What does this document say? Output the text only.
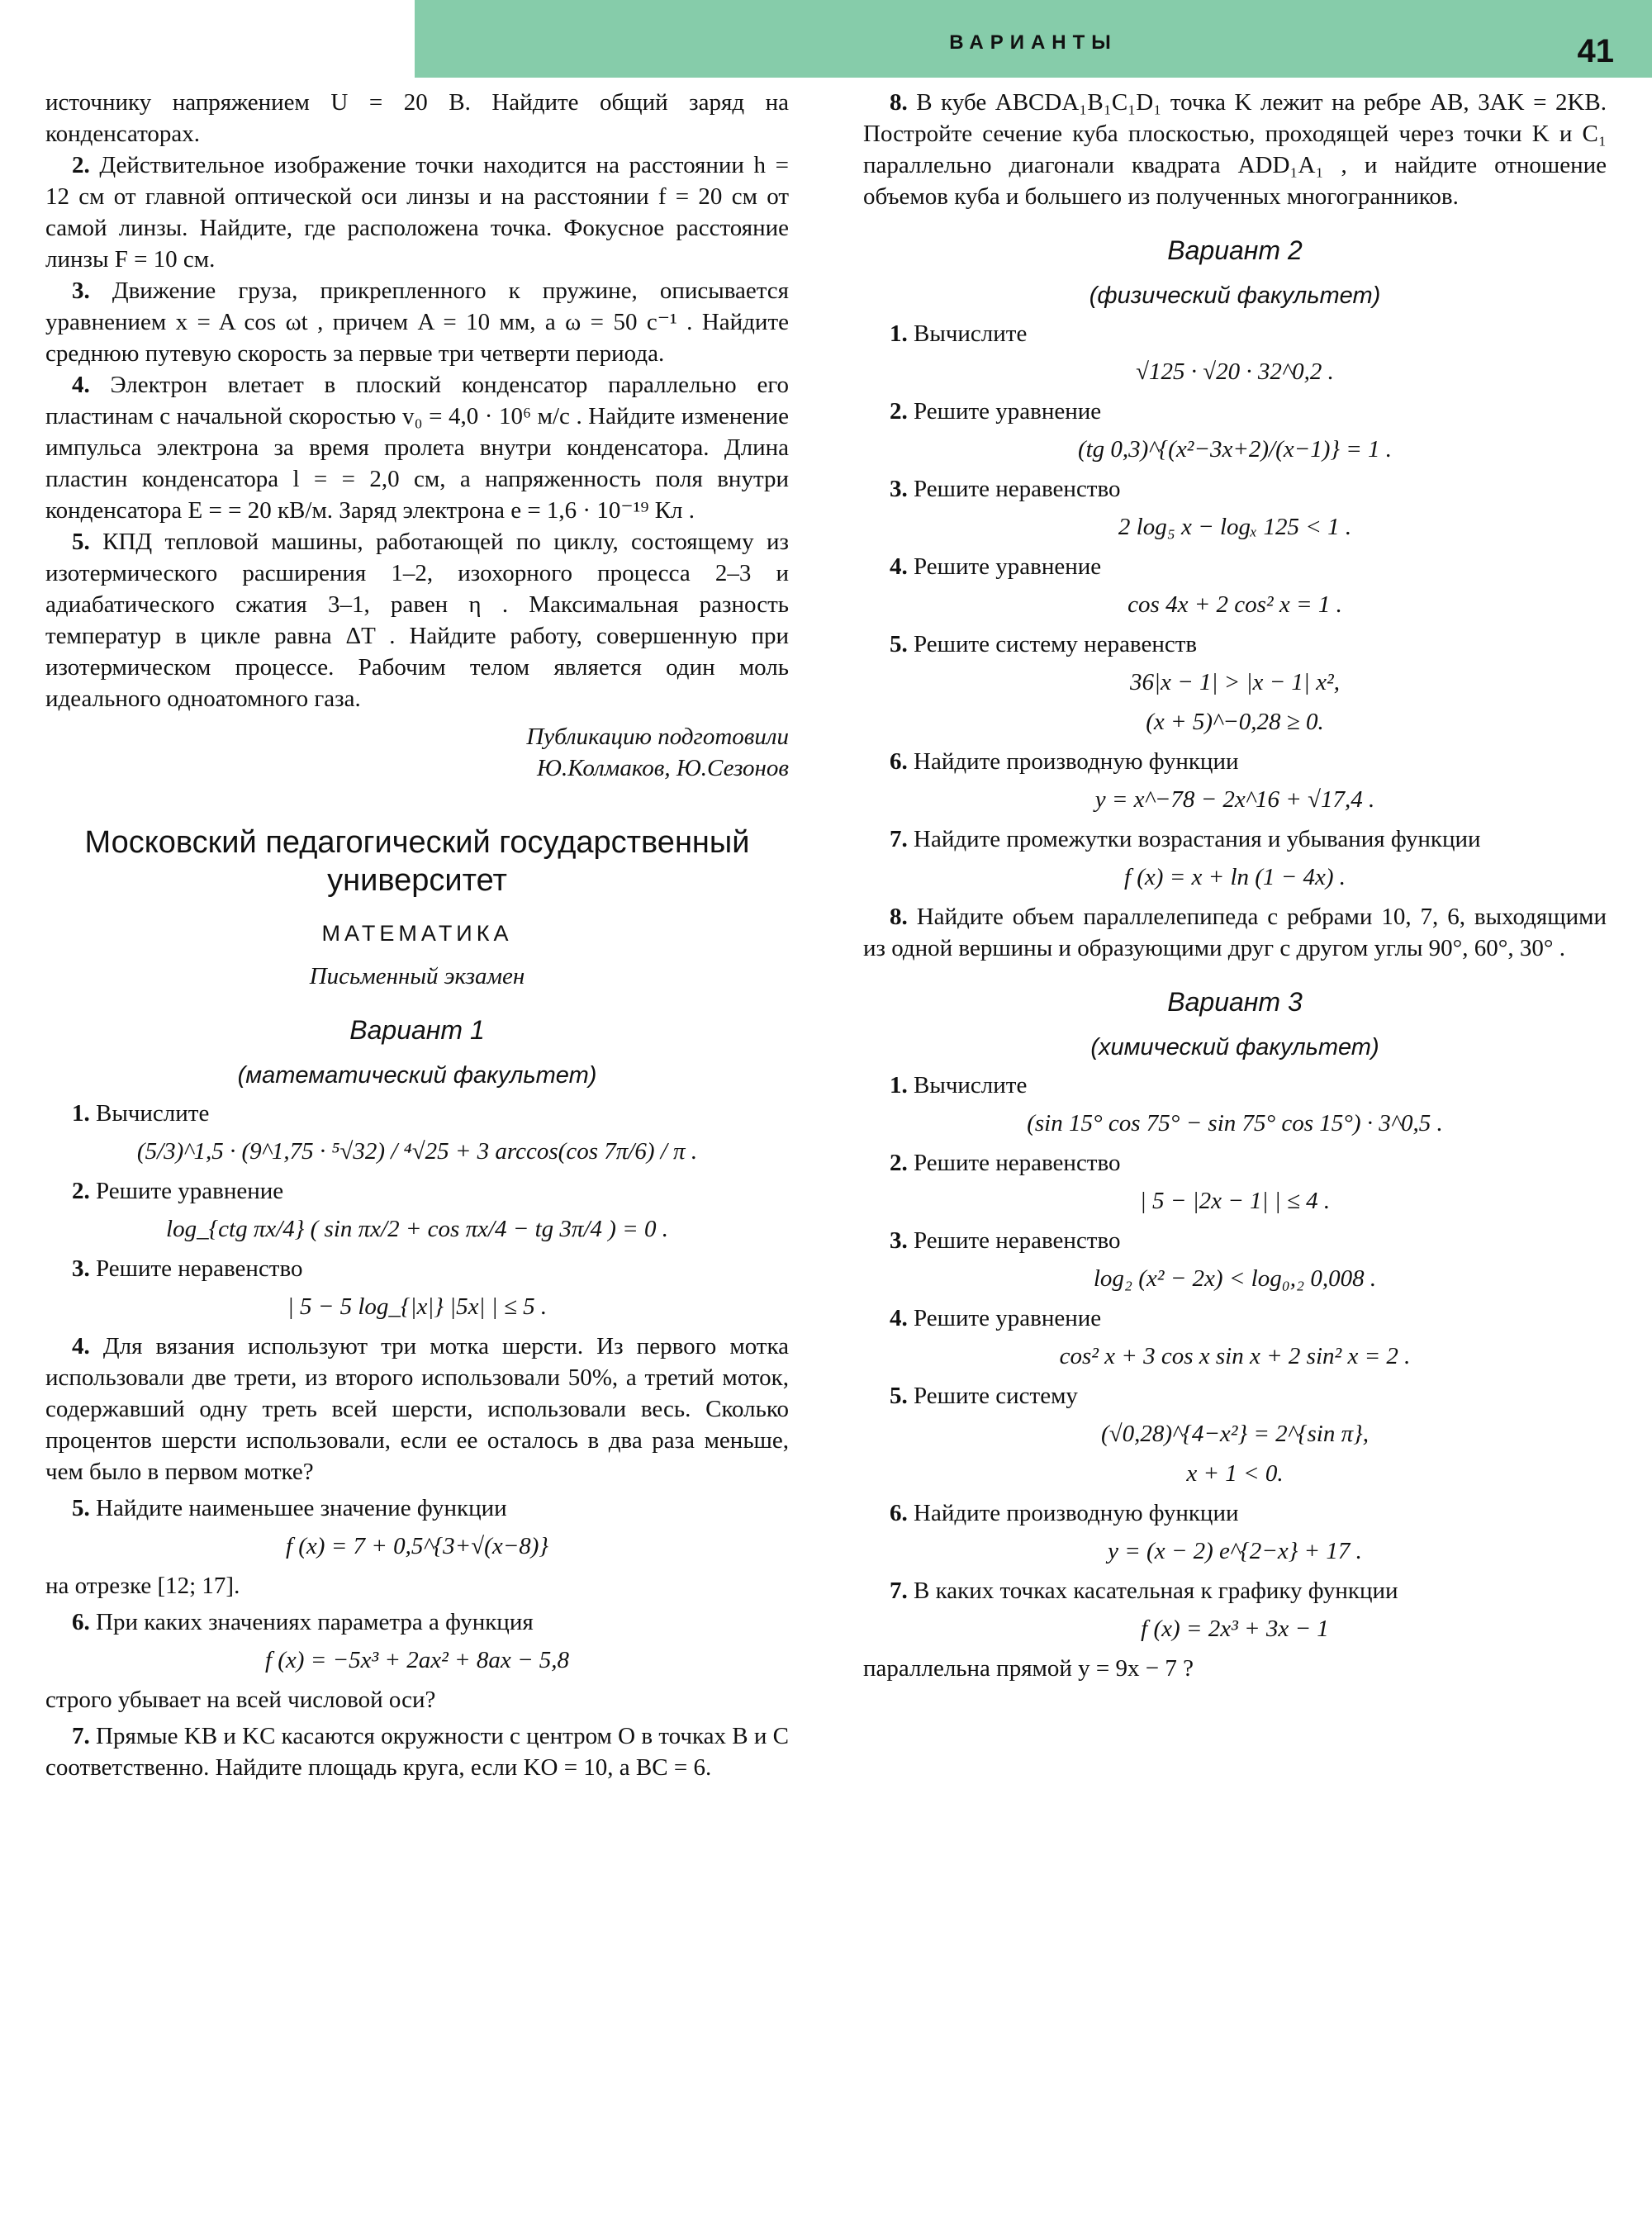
ВАРИАНТЫ	41

источнику напряжением U = 20 В. Найдите общий заряд на конденсаторах.

2. Действительное изображение точки находится на расстоянии h = 12 см от главной оптической оси линзы и на расстоянии f = 20 см от самой линзы. Найдите, где расположена точка. Фокусное расстояние линзы F = 10 см.

3. Движение груза, прикрепленного к пружине, описывается уравнением x = A cos ωt , причем A = 10 мм, а ω = 50 с⁻¹ . Найдите среднюю путевую скорость за первые три четверти периода.

4. Электрон влетает в плоский конденсатор параллельно его пластинам с начальной скоростью v₀ = 4,0 · 10⁶ м/с . Найдите изменение импульса электрона за время пролета внутри конденсатора. Длина пластин конденсатора l = = 2,0 см, а напряженность поля внутри конденсатора E = = 20 кВ/м. Заряд электрона e = 1,6 · 10⁻¹⁹ Кл .

5. КПД тепловой машины, работающей по циклу, состоящему из изотермического расширения 1–2, изохорного процесса 2–3 и адиабатического сжатия 3–1, равен η . Максимальная разность температур в цикле равна ΔT . Найдите работу, совершенную при изотермическом процессе. Рабочим телом является один моль идеального одноатомного газа.

Публикацию подготовили
Ю.Колмаков, Ю.Сезонов
Московский педагогический государственный университет
МАТЕМАТИКА
Письменный экзамен
Вариант 1
(математический факультет)

1. Вычислите

(5/3)^1,5 · (9^1,75 · ⁵√32) / ⁴√25 + 3 arccos(cos 7π/6) / π .

2. Решите уравнение

log_{ctg πx/4} ( sin πx/2 + cos πx/4 − tg 3π/4 ) = 0 .

3. Решите неравенство

| 5 − 5 log_{|x|} |5x| | ≤ 5 .

4. Для вязания используют три мотка шерсти. Из первого мотка использовали две трети, из второго использовали 50%, а третий моток, содержавший одну треть всей шерсти, использовали весь. Сколько процентов шерсти использовали, если ее осталось в два раза меньше, чем было в первом мотке?

5. Найдите наименьшее значение функции

f (x) = 7 + 0,5^{3+√(x−8)}

на отрезке [12; 17].

6. При каких значениях параметра a функция

f (x) = −5x³ + 2ax² + 8ax − 5,8

строго убывает на всей числовой оси?

7. Прямые KB и KC касаются окружности с центром O в точках B и C соответственно. Найдите площадь круга, если KO = 10, а BC = 6.

8. В кубе ABCDA₁B₁C₁D₁ точка K лежит на ребре AB, 3AK = 2KB. Постройте сечение куба плоскостью, проходящей через точки K и C₁ параллельно диагонали квадрата ADD₁A₁ , и найдите отношение объемов куба и большего из полученных многогранников.

Вариант 2
(физический факультет)

1. Вычислите

√125 · √20 · 32^0,2 .

2. Решите уравнение

(tg 0,3)^{(x²−3x+2)/(x−1)} = 1 .

3. Решите неравенство

2 log₅ x − logₓ 125 < 1 .

4. Решите уравнение

cos 4x + 2 cos² x = 1 .

5. Решите систему неравенств

36|x − 1| > |x − 1| x²,
(x + 5)^−0,28 ≥ 0.

6. Найдите производную функции

y = x^−78 − 2x^16 + √17,4 .

7. Найдите промежутки возрастания и убывания функции

f (x) = x + ln (1 − 4x) .

8. Найдите объем параллелепипеда с ребрами 10, 7, 6, выходящими из одной вершины и образующими друг с другом углы 90°, 60°, 30° .

Вариант 3
(химический факультет)

1. Вычислите

(sin 15° cos 75° − sin 75° cos 15°) · 3^0,5 .

2. Решите неравенство

| 5 − |2x − 1| | ≤ 4 .

3. Решите неравенство

log₂ (x² − 2x) < log₀,₂ 0,008 .

4. Решите уравнение

cos² x + 3 cos x sin x + 2 sin² x = 2 .

5. Решите систему

(√0,28)^{4−x²} = 2^{sin π},
x + 1 < 0.

6. Найдите производную функции

y = (x − 2) e^{2−x} + 17 .

7. В каких точках касательная к графику функции

f (x) = 2x³ + 3x − 1

параллельна прямой y = 9x − 7 ?
